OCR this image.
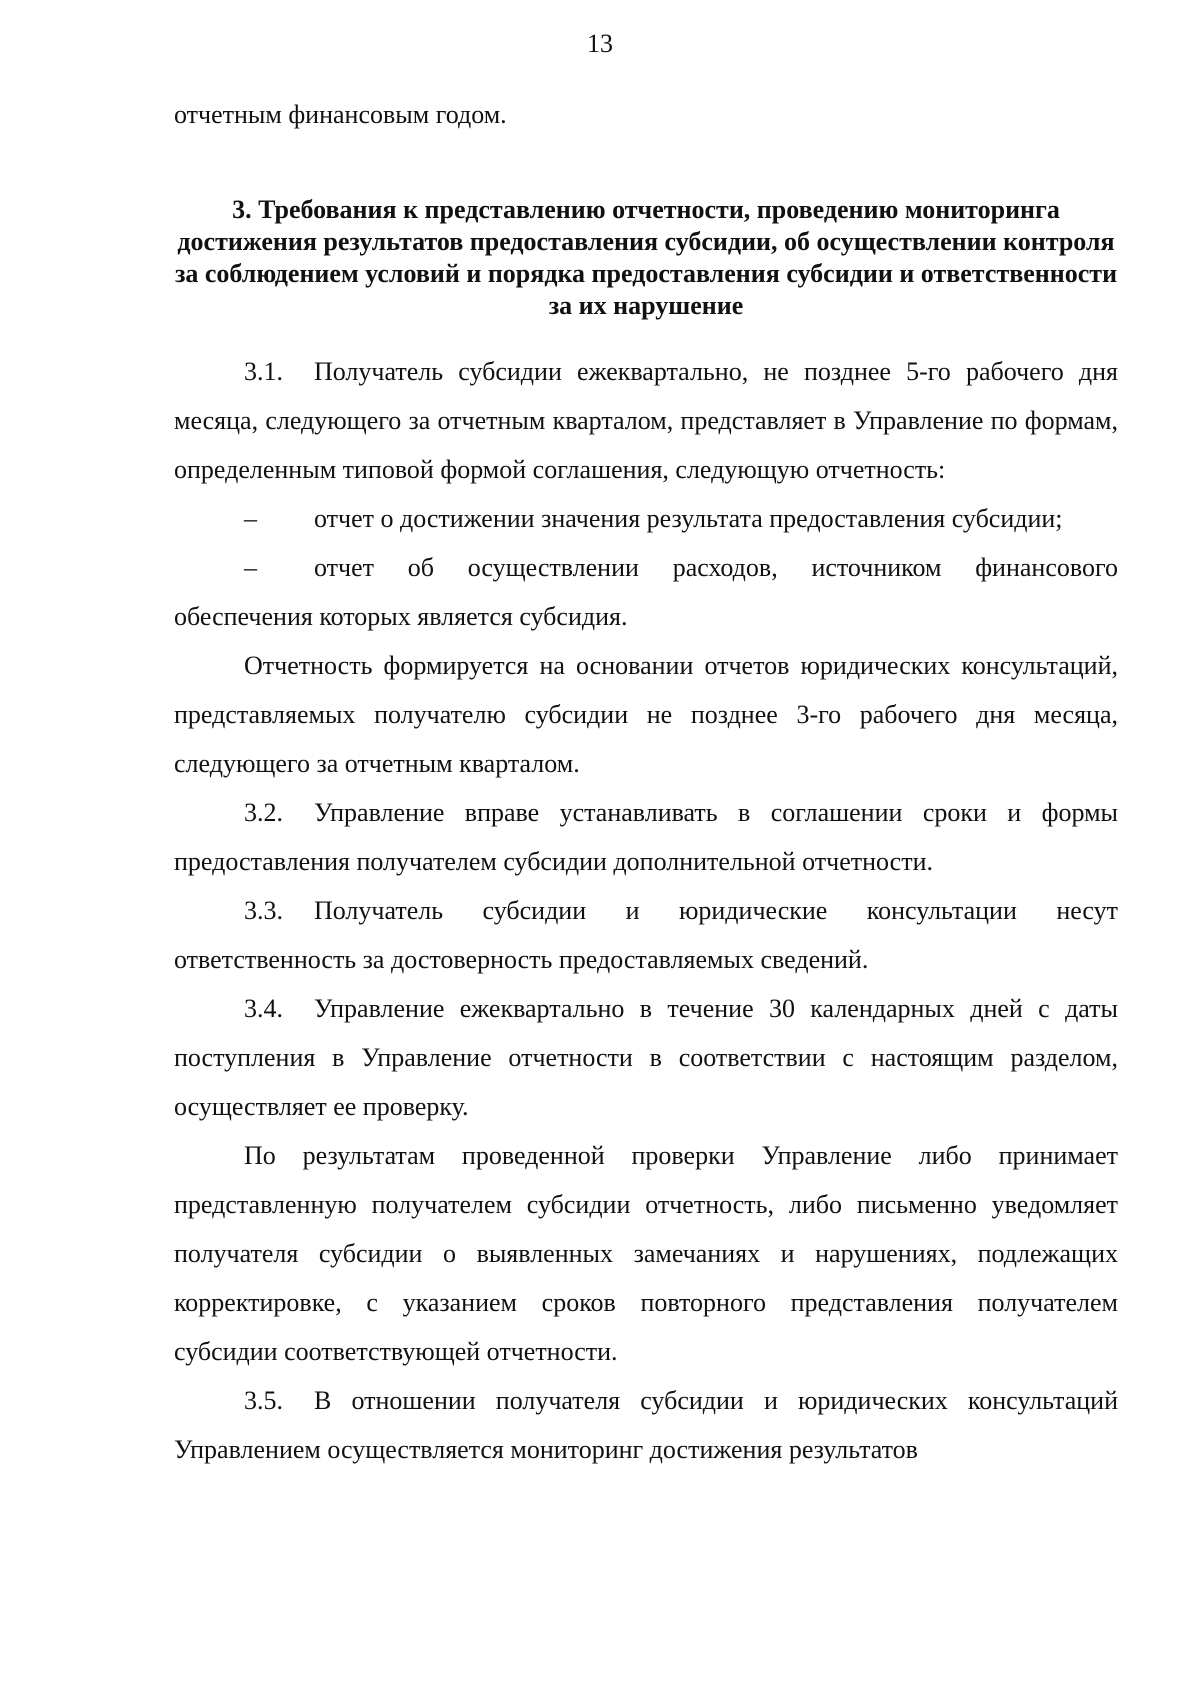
13

отчетным финансовым годом.

3. Требования к представлению отчетности, проведению мониторинга достижения результатов предоставления субсидии, об осуществлении контроля за соблюдением условий и порядка предоставления субсидии и ответственности за их нарушение

3.1. Получатель субсидии ежеквартально, не позднее 5-го рабочего дня месяца, следующего за отчетным кварталом, представляет в Управление по формам, определенным типовой формой соглашения, следующую отчетность:

– отчет о достижении значения результата предоставления субсидии;

– отчет об осуществлении расходов, источником финансового обеспечения которых является субсидия.

Отчетность формируется на основании отчетов юридических консультаций, представляемых получателю субсидии не позднее 3-го рабочего дня месяца, следующего за отчетным кварталом.

3.2. Управление вправе устанавливать в соглашении сроки и формы предоставления получателем субсидии дополнительной отчетности.

3.3. Получатель субсидии и юридические консультации несут ответственность за достоверность предоставляемых сведений.

3.4. Управление ежеквартально в течение 30 календарных дней с даты поступления в Управление отчетности в соответствии с настоящим разделом, осуществляет ее проверку.

По результатам проведенной проверки Управление либо принимает представленную получателем субсидии отчетность, либо письменно уведомляет получателя субсидии о выявленных замечаниях и нарушениях, подлежащих корректировке, с указанием сроков повторного представления получателем субсидии соответствующей отчетности.

3.5. В отношении получателя субсидии и юридических консультаций Управлением осуществляется мониторинг достижения результатов
